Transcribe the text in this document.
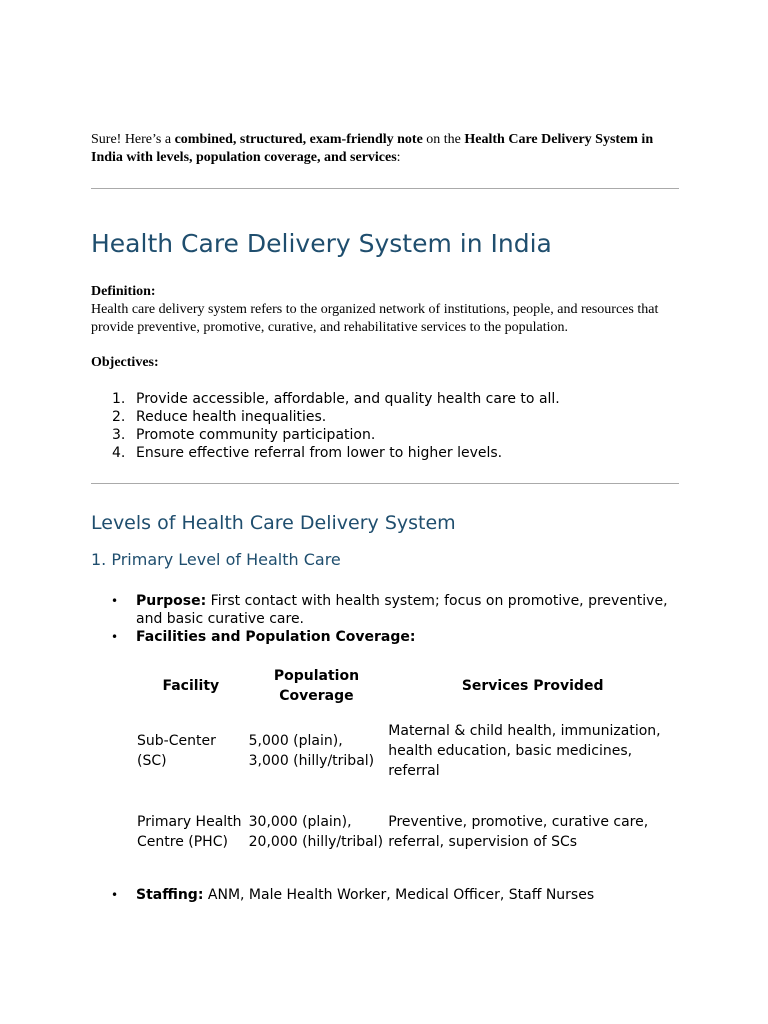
Sure! Here’s a combined, structured, exam-friendly note on the Health Care Delivery System in India with levels, population coverage, and services:

Health Care Delivery System in India
Definition:
Health care delivery system refers to the organized network of institutions, people, and resources that provide preventive, promotive, curative, and rehabilitative services to the population.
Objectives:
1. Provide accessible, affordable, and quality health care to all.
2. Reduce health inequalities.
3. Promote community participation.
4. Ensure effective referral from lower to higher levels.
Levels of Health Care Delivery System
1. Primary Level of Health Care
• Purpose: First contact with health system; focus on promotive, preventive, and basic curative care.
• Facilities and Population Coverage:
Facility	Population Coverage	Services Provided
Sub-Center (SC)	5,000 (plain), 3,000 (hilly/tribal)	Maternal & child health, immunization, health education, basic medicines, referral
Primary Health Centre (PHC)	30,000 (plain), 20,000 (hilly/tribal)	Preventive, promotive, curative care, referral, supervision of SCs
• Staffing: ANM, Male Health Worker, Medical Officer, Staff Nurses
